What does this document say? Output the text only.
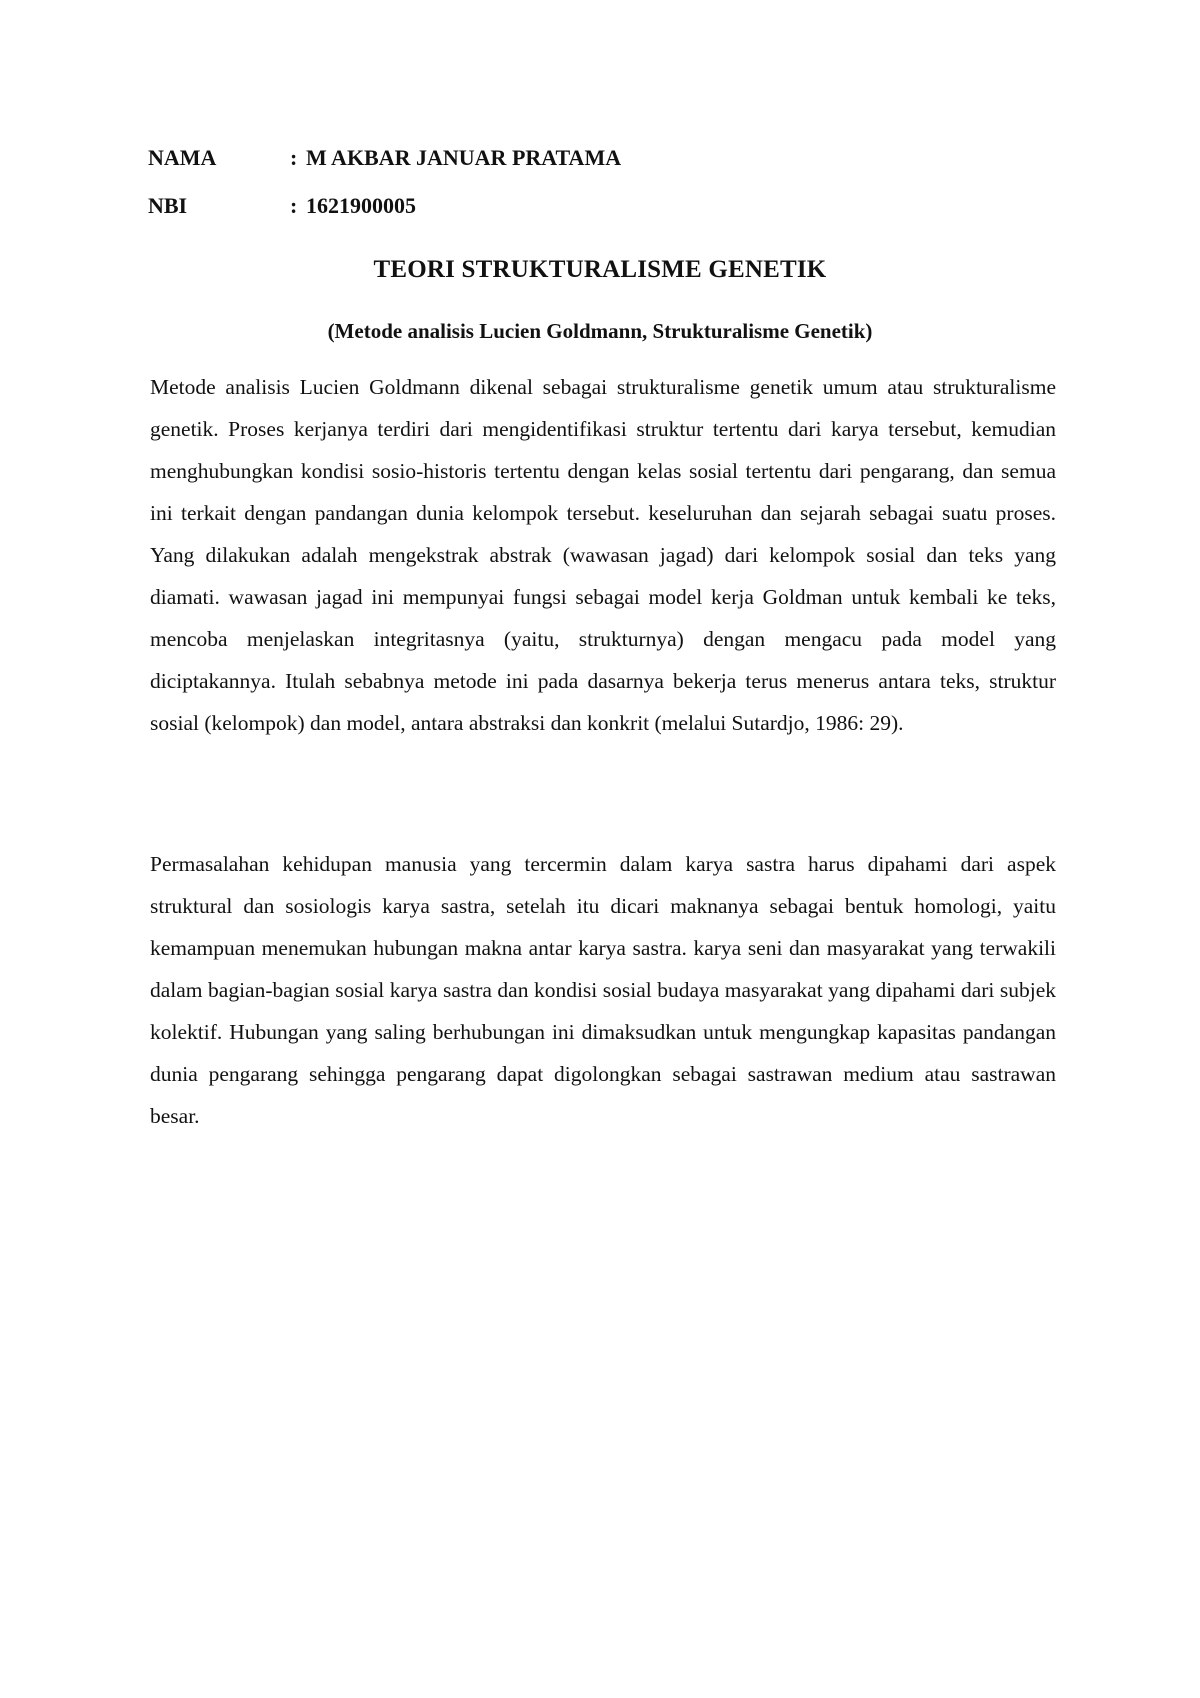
NAMA	: M AKBAR JANUAR PRATAMA
NBI	: 1621900005
TEORI STRUKTURALISME GENETIK
(Metode analisis Lucien Goldmann, Strukturalisme Genetik)

Metode analisis Lucien Goldmann dikenal sebagai strukturalisme genetik umum atau strukturalisme genetik. Proses kerjanya terdiri dari mengidentifikasi struktur tertentu dari karya tersebut, kemudian menghubungkan kondisi sosio-historis tertentu dengan kelas sosial tertentu dari pengarang, dan semua ini terkait dengan pandangan dunia kelompok tersebut. keseluruhan dan sejarah sebagai suatu proses. Yang dilakukan adalah mengekstrak abstrak (wawasan jagad) dari kelompok sosial dan teks yang diamati. wawasan jagad ini mempunyai fungsi sebagai model kerja Goldman untuk kembali ke teks, mencoba menjelaskan integritasnya (yaitu, strukturnya) dengan mengacu pada model yang diciptakannya. Itulah sebabnya metode ini pada dasarnya bekerja terus menerus antara teks, struktur sosial (kelompok) dan model, antara abstraksi dan konkrit (melalui Sutardjo, 1986: 29).

Permasalahan kehidupan manusia yang tercermin dalam karya sastra harus dipahami dari aspek struktural dan sosiologis karya sastra, setelah itu dicari maknanya sebagai bentuk homologi, yaitu kemampuan menemukan hubungan makna antar karya sastra. karya seni dan masyarakat yang terwakili dalam bagian-bagian sosial karya sastra dan kondisi sosial budaya masyarakat yang dipahami dari subjek kolektif. Hubungan yang saling berhubungan ini dimaksudkan untuk mengungkap kapasitas pandangan dunia pengarang sehingga pengarang dapat digolongkan sebagai sastrawan medium atau sastrawan besar.
